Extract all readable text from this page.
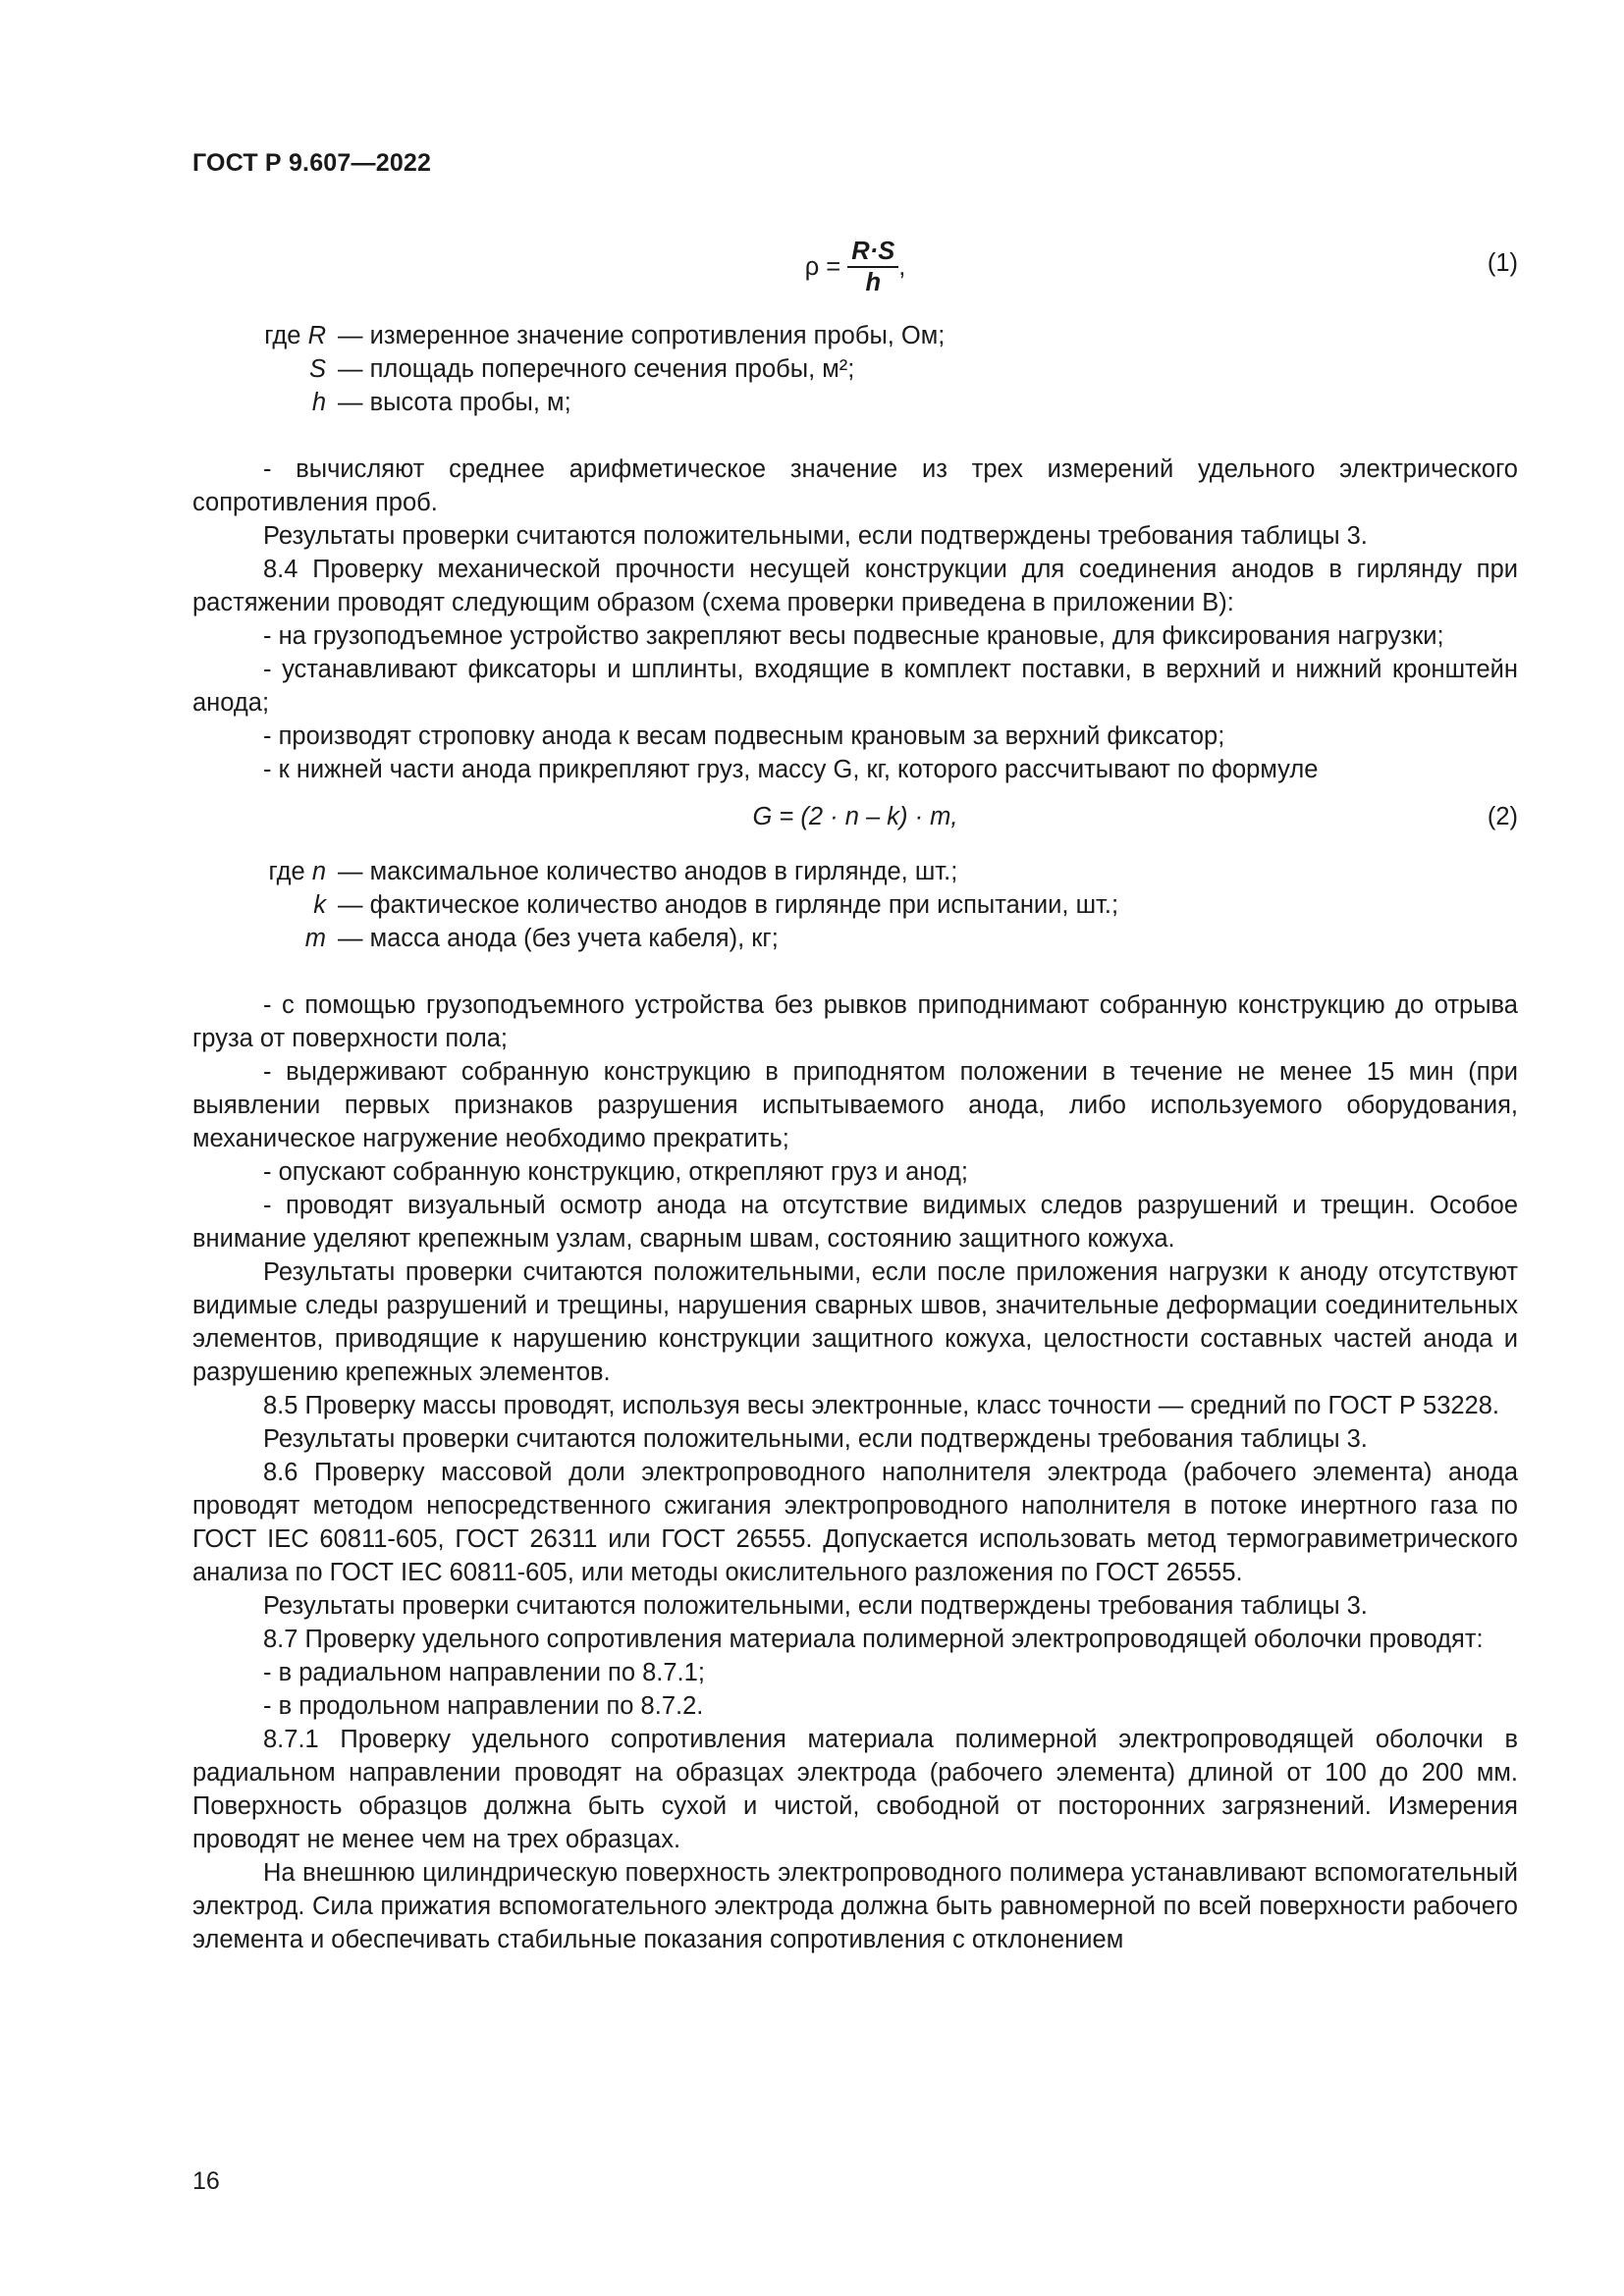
ГОСТ Р 9.607—2022
$\rho = \frac{R\cdot S}{h}$ ,	(1)
где R — измеренное значение сопротивления пробы, Ом;
S — площадь поперечного сечения пробы, м²;
h — высота пробы, м;

- вычисляют среднее арифметическое значение из трех измерений удельного электрического сопротивления проб.

Результаты проверки считаются положительными, если подтверждены требования таблицы 3.

8.4 Проверку механической прочности несущей конструкции для соединения анодов в гирлянду при растяжении проводят следующим образом (схема проверки приведена в приложении В):

- на грузоподъемное устройство закрепляют весы подвесные крановые, для фиксирования нагрузки;

- устанавливают фиксаторы и шплинты, входящие в комплект поставки, в верхний и нижний кронштейн анода;

- производят строповку анода к весам подвесным крановым за верхний фиксатор;

- к нижней части анода прикрепляют груз, массу G, кг, которого рассчитывают по формуле

G = (2 · n – k) · m,	(2)
где n — максимальное количество анодов в гирлянде, шт.;
k — фактическое количество анодов в гирлянде при испытании, шт.;
m — масса анода (без учета кабеля), кг;

- с помощью грузоподъемного устройства без рывков приподнимают собранную конструкцию до отрыва груза от поверхности пола;

- выдерживают собранную конструкцию в приподнятом положении в течение не менее 15 мин (при выявлении первых признаков разрушения испытываемого анода, либо используемого оборудования, механическое нагружение необходимо прекратить;

- опускают собранную конструкцию, открепляют груз и анод;

- проводят визуальный осмотр анода на отсутствие видимых следов разрушений и трещин. Особое внимание уделяют крепежным узлам, сварным швам, состоянию защитного кожуха.

Результаты проверки считаются положительными, если после приложения нагрузки к аноду отсутствуют видимые следы разрушений и трещины, нарушения сварных швов, значительные деформации соединительных элементов, приводящие к нарушению конструкции защитного кожуха, целостности составных частей анода и разрушению крепежных элементов.

8.5 Проверку массы проводят, используя весы электронные, класс точности — средний по ГОСТ Р 53228.

Результаты проверки считаются положительными, если подтверждены требования таблицы 3.

8.6 Проверку массовой доли электропроводного наполнителя электрода (рабочего элемента) анода проводят методом непосредственного сжигания электропроводного наполнителя в потоке инертного газа по ГОСТ IEC 60811-605, ГОСТ 26311 или ГОСТ 26555. Допускается использовать метод термогравиметрического анализа по ГОСТ IEC 60811-605, или методы окислительного разложения по ГОСТ 26555.

Результаты проверки считаются положительными, если подтверждены требования таблицы 3.

8.7 Проверку удельного сопротивления материала полимерной электропроводящей оболочки проводят:

- в радиальном направлении по 8.7.1;

- в продольном направлении по 8.7.2.

8.7.1 Проверку удельного сопротивления материала полимерной электропроводящей оболочки в радиальном направлении проводят на образцах электрода (рабочего элемента) длиной от 100 до 200 мм. Поверхность образцов должна быть сухой и чистой, свободной от посторонних загрязнений. Измерения проводят не менее чем на трех образцах.

На внешнюю цилиндрическую поверхность электропроводного полимера устанавливают вспомогательный электрод. Сила прижатия вспомогательного электрода должна быть равномерной по всей поверхности рабочего элемента и обеспечивать стабильные показания сопротивления с отклонением

16
